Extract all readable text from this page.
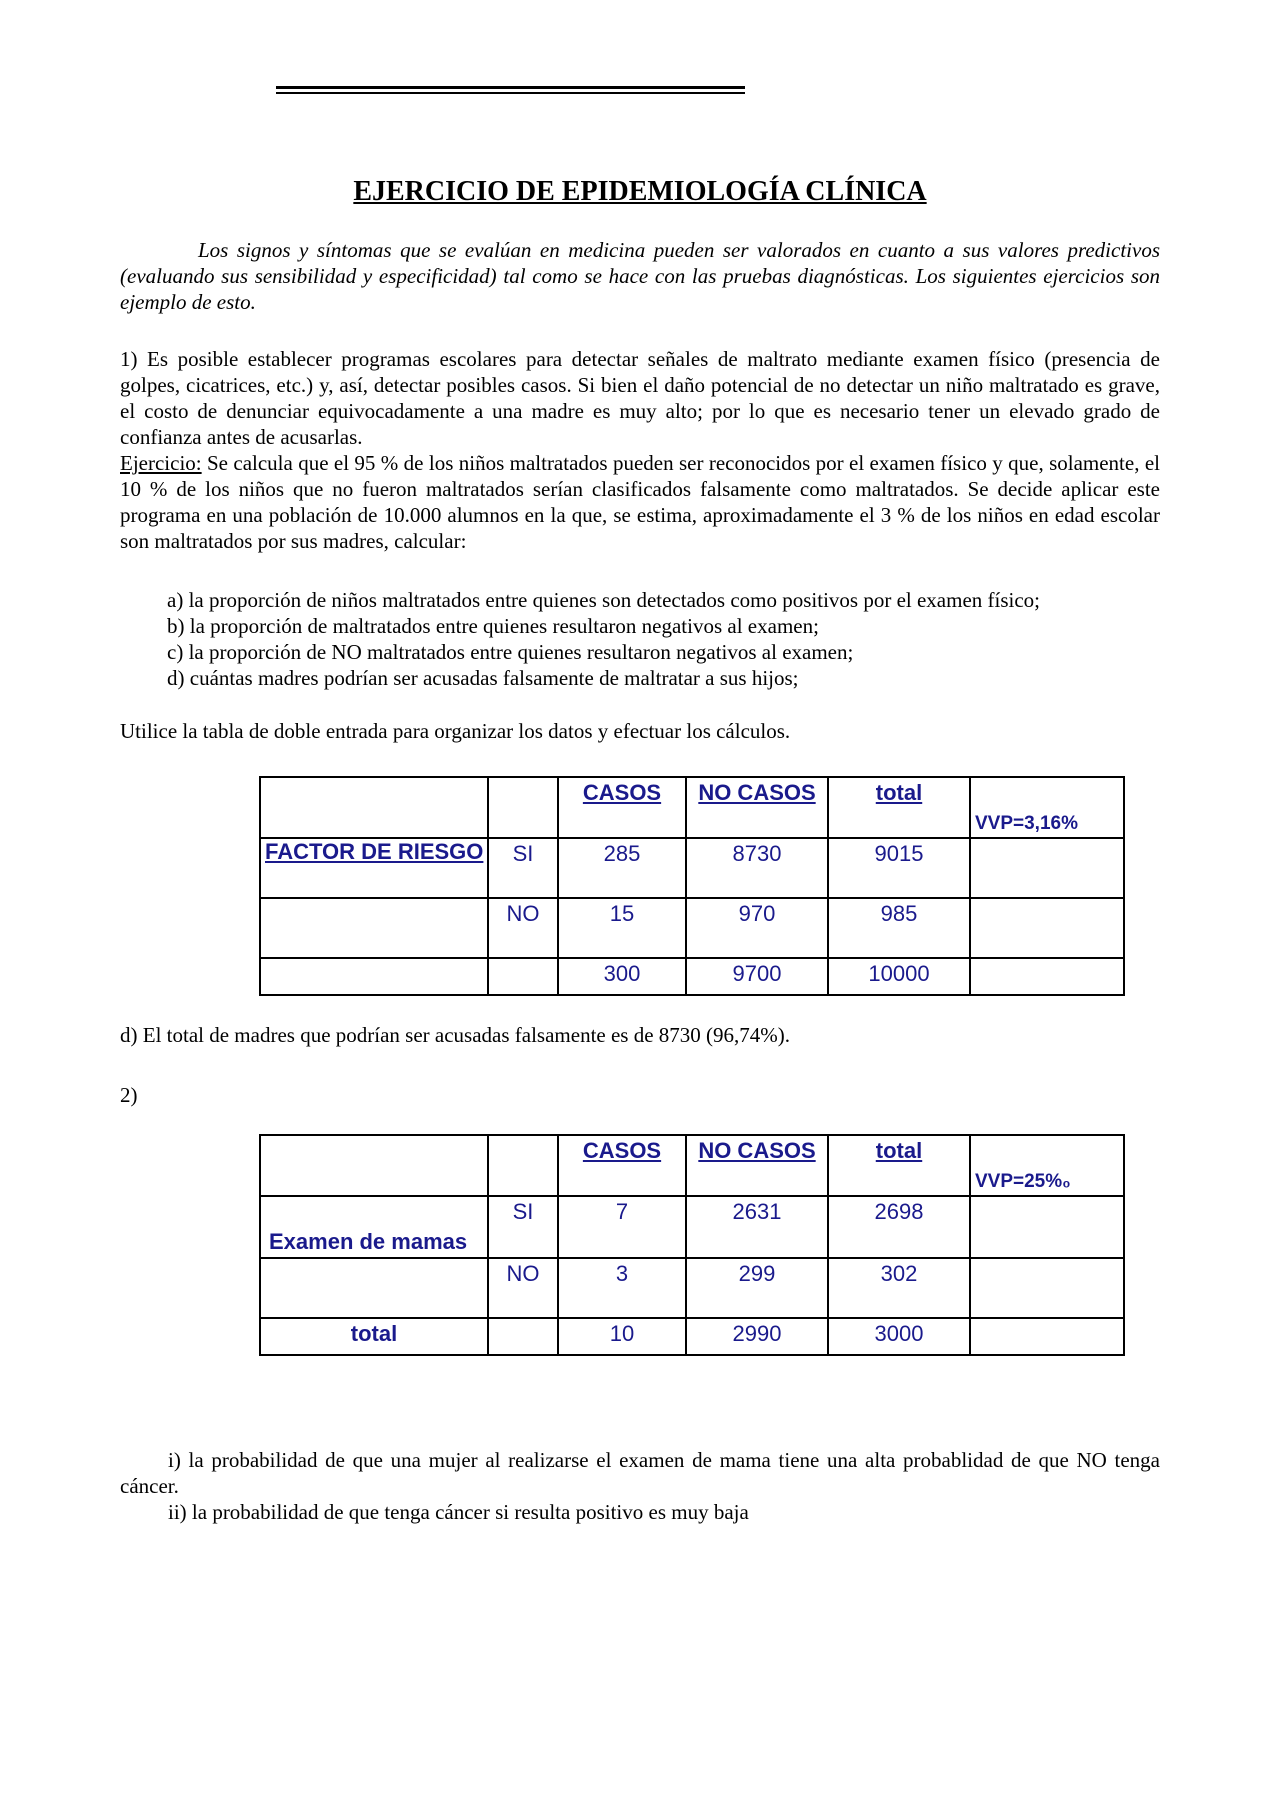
EJERCICIO DE EPIDEMIOLOGÍA CLÍNICA
Los signos y síntomas que se evalúan en medicina pueden ser valorados en cuanto a sus valores predictivos (evaluando sus sensibilidad y especificidad) tal como se hace con las pruebas diagnósticas. Los siguientes ejercicios son ejemplo de esto.
1) Es posible establecer programas escolares para detectar señales de maltrato mediante examen físico (presencia de golpes, cicatrices, etc.) y, así, detectar posibles casos. Si bien el daño potencial de no detectar un niño maltratado es grave, el costo de denunciar equivocadamente a una madre es muy alto; por lo que es necesario tener un elevado grado de confianza antes de acusarlas.
Ejercicio: Se calcula que el 95 % de los niños maltratados pueden ser reconocidos por el examen físico y que, solamente, el 10 % de los niños que no fueron maltratados serían clasificados falsamente como maltratados. Se decide aplicar este programa en una población de 10.000 alumnos en la que, se estima, aproximadamente el 3 % de los niños en edad escolar son maltratados por sus madres, calcular:
a) la proporción de niños maltratados entre quienes son detectados como positivos por el examen físico;
b) la proporción de maltratados entre quienes resultaron negativos al examen;
c) la proporción de NO maltratados entre quienes resultaron negativos al examen;
d) cuántas madres podrían ser acusadas falsamente de maltratar a sus hijos;
Utilice la tabla de doble entrada para organizar los datos y efectuar los cálculos.

		CASOS	NO CASOS	total	VVP=3,16%
FACTOR DE RIESGO	SI	285	8730	9015	

	NO	15	970	985	

		300	9700	10000	

d) El total de madres que podrían ser acusadas falsamente es de 8730 (96,74%).
2)

		CASOS	NO CASOS	total	VVP=25%₀
Examen de mamas	SI	7	2631	2698	

	NO	3	299	302	

total		10	2990	3000	

i) la probabilidad de que una mujer al realizarse el examen de mama tiene una alta probablidad de que NO tenga cáncer.
ii) la probabilidad de que tenga cáncer si resulta positivo es muy baja
